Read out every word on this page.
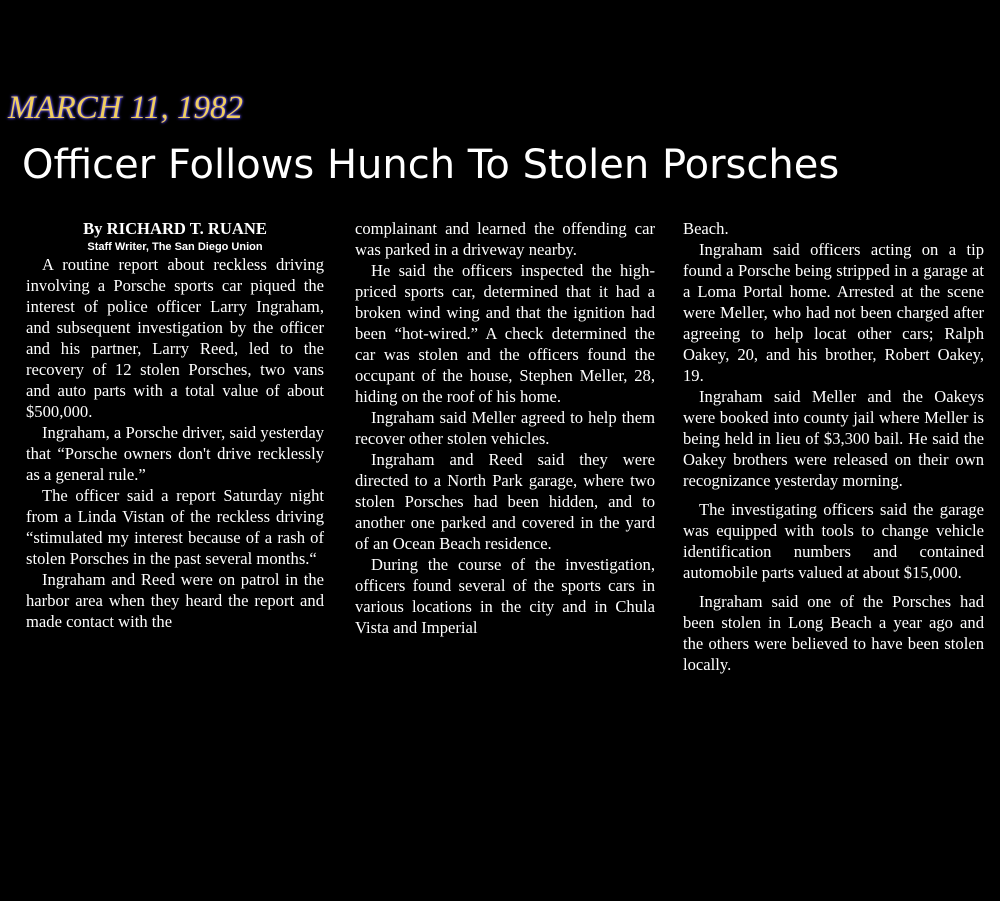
MARCH 11, 1982
Officer Follows Hunch To Stolen Porsches

By RICHARD T. RUANE

Staff Writer, The San Diego Union

A routine report about reckless driving involving a Porsche sports car piqued the interest of police officer Larry Ingraham, and subsequent investigation by the officer and his partner, Larry Reed, led to the recovery of 12 stolen Porsches, two vans and auto parts with a total value of about $500,000.

Ingraham, a Porsche driver, said yesterday that “Porsche owners don't drive recklessly as a general rule.”

The officer said a report Saturday night from a Linda Vistan of the reckless driving “stimulated my interest because of a rash of stolen Porsches in the past several months.“

Ingraham and Reed were on patrol in the harbor area when they heard the report and made contact with the

complainant and learned the offending car was parked in a driveway nearby.

He said the officers inspected the high-priced sports car, determined that it had a broken wind wing and that the ignition had been “hot-wired.” A check determined the car was stolen and the officers found the occupant of the house, Stephen Meller, 28, hiding on the roof of his home.

Ingraham said Meller agreed to help them recover other stolen vehicles.

Ingraham and Reed said they were directed to a North Park garage, where two stolen Porsches had been hidden, and to another one parked and covered in the yard of an Ocean Beach residence.

During the course of the investigation, officers found several of the sports cars in various locations in the city and in Chula Vista and Imperial

Beach.

Ingraham said officers acting on a tip found a Porsche being stripped in a garage at a Loma Portal home. Arrested at the scene were Meller, who had not been charged after agreeing to help locat other cars; Ralph Oakey, 20, and his brother, Robert Oakey, 19.

Ingraham said Meller and the Oakeys were booked into county jail where Meller is being held in lieu of $3,300 bail. He said the Oakey brothers were released on their own recognizance yesterday morning.

The investigating officers said the garage was equipped with tools to change vehicle identification numbers and contained automobile parts valued at about $15,000.

Ingraham said one of the Porsches had been stolen in Long Beach a year ago and the others were believed to have been stolen locally.
